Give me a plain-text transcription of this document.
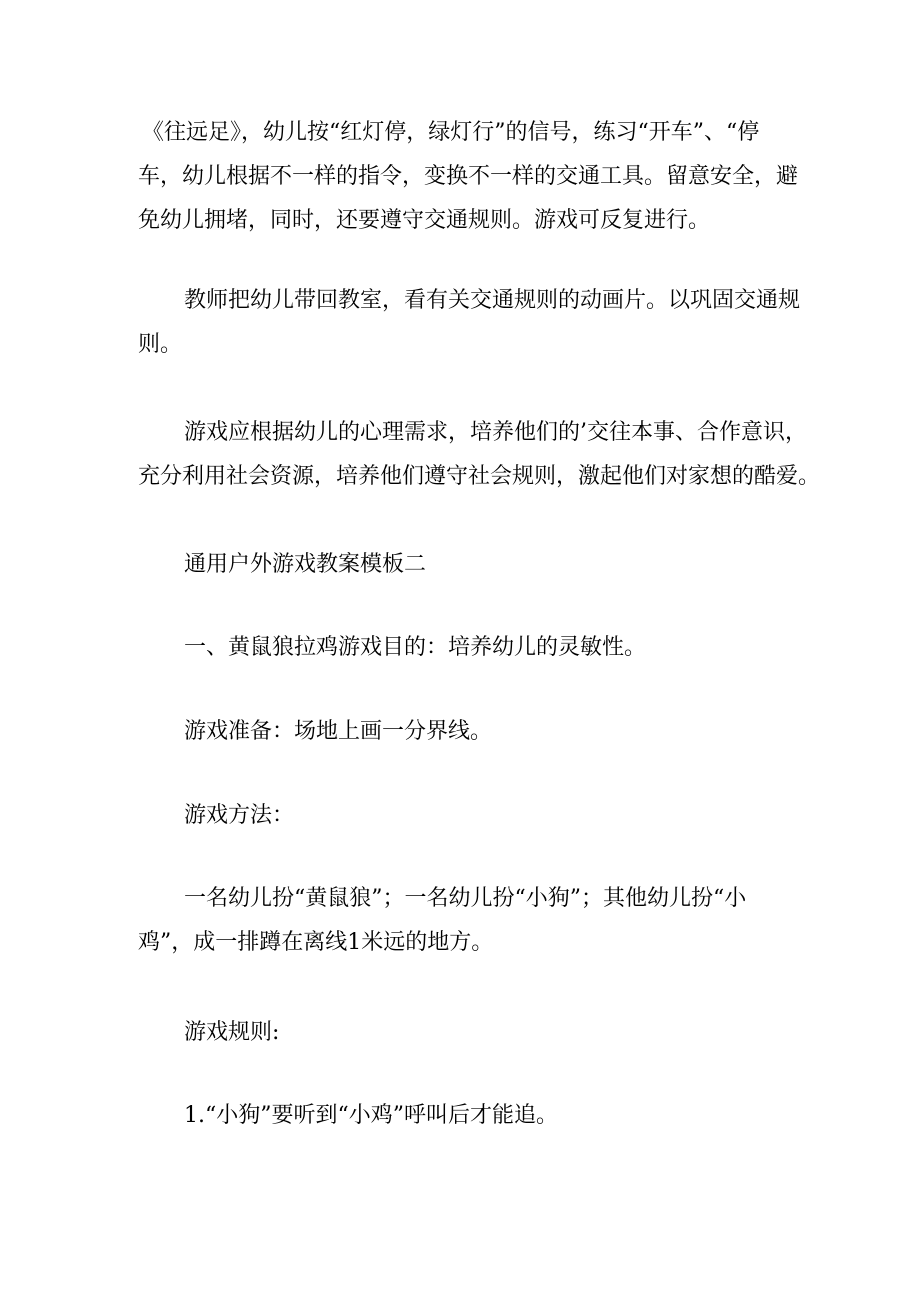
《往远足》，幼儿按“红灯停，绿灯行”的信号，练习“开车”、“停
车，幼儿根据不一样的指令，变换不一样的交通工具。留意安全，避
免幼儿拥堵，同时，还要遵守交通规则。游戏可反复进行。
教师把幼儿带回教室，看有关交通规则的动画片。以巩固交通规
则。
游戏应根据幼儿的心理需求，培养他们的’交往本事、合作意识，
充分利用社会资源，培养他们遵守社会规则，激起他们对家想的酷爱。
通用户外游戏教案模板二
一、黄鼠狼拉鸡游戏目的：培养幼儿的灵敏性。
游戏准备：场地上画一分界线。
游戏方法：
一名幼儿扮“黄鼠狼”；一名幼儿扮“小狗”；其他幼儿扮“小
鸡”，成一排蹲在离线1米远的地方。
游戏规则:
1.“小狗”要听到“小鸡”呼叫后才能追。
